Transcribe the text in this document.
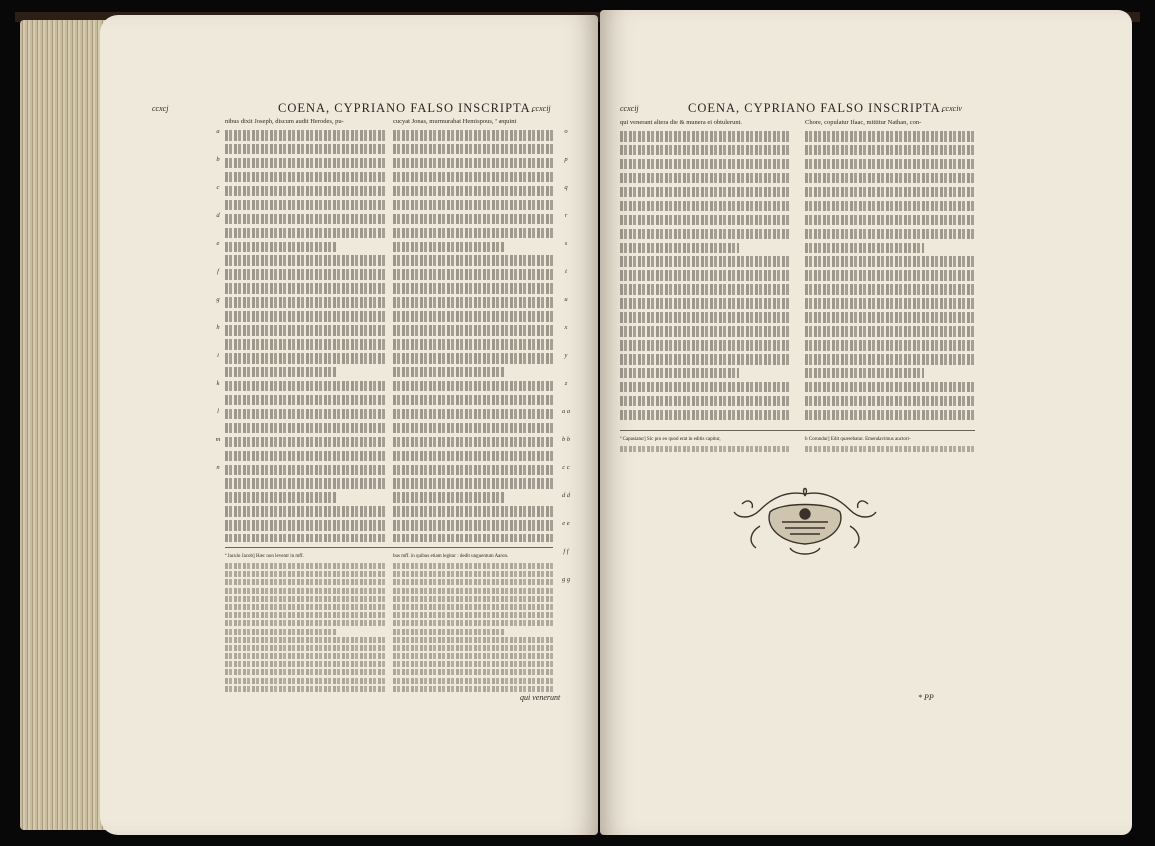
ccxcj	COENA, CYPRIANO FALSO INSCRIPTA.
ccxcij
a
b
c
d
e
f
g
h
i
k
l
m
n
nibus dixit Joseph, discum audit Herodes, pu-	cucyat Jonas, murmurabat Hemispous, ª æquint
o
p
q
r
s
t
u
x
y
z
a a
b b
c c
d d
e e
f f
g g
ª Jaculo Jacob] Hæc non leventr in mff.	bus mff. in quibus etiam legitur : dedit unguentum Aaron.
qui venerunt
ccxcij	COENA, CYPRIANO FALSO INSCRIPTA.
ccxciv
qui venerant altera die & munera ei obtulerunt.	Chore, copulatur Ifaac, mittitur Nathan, con-
ª Capasiatur] Sic pro eo quod erat in editis capitur,	b Corundur] Edit quærebatur. Emendavimus auctori-
* PP
